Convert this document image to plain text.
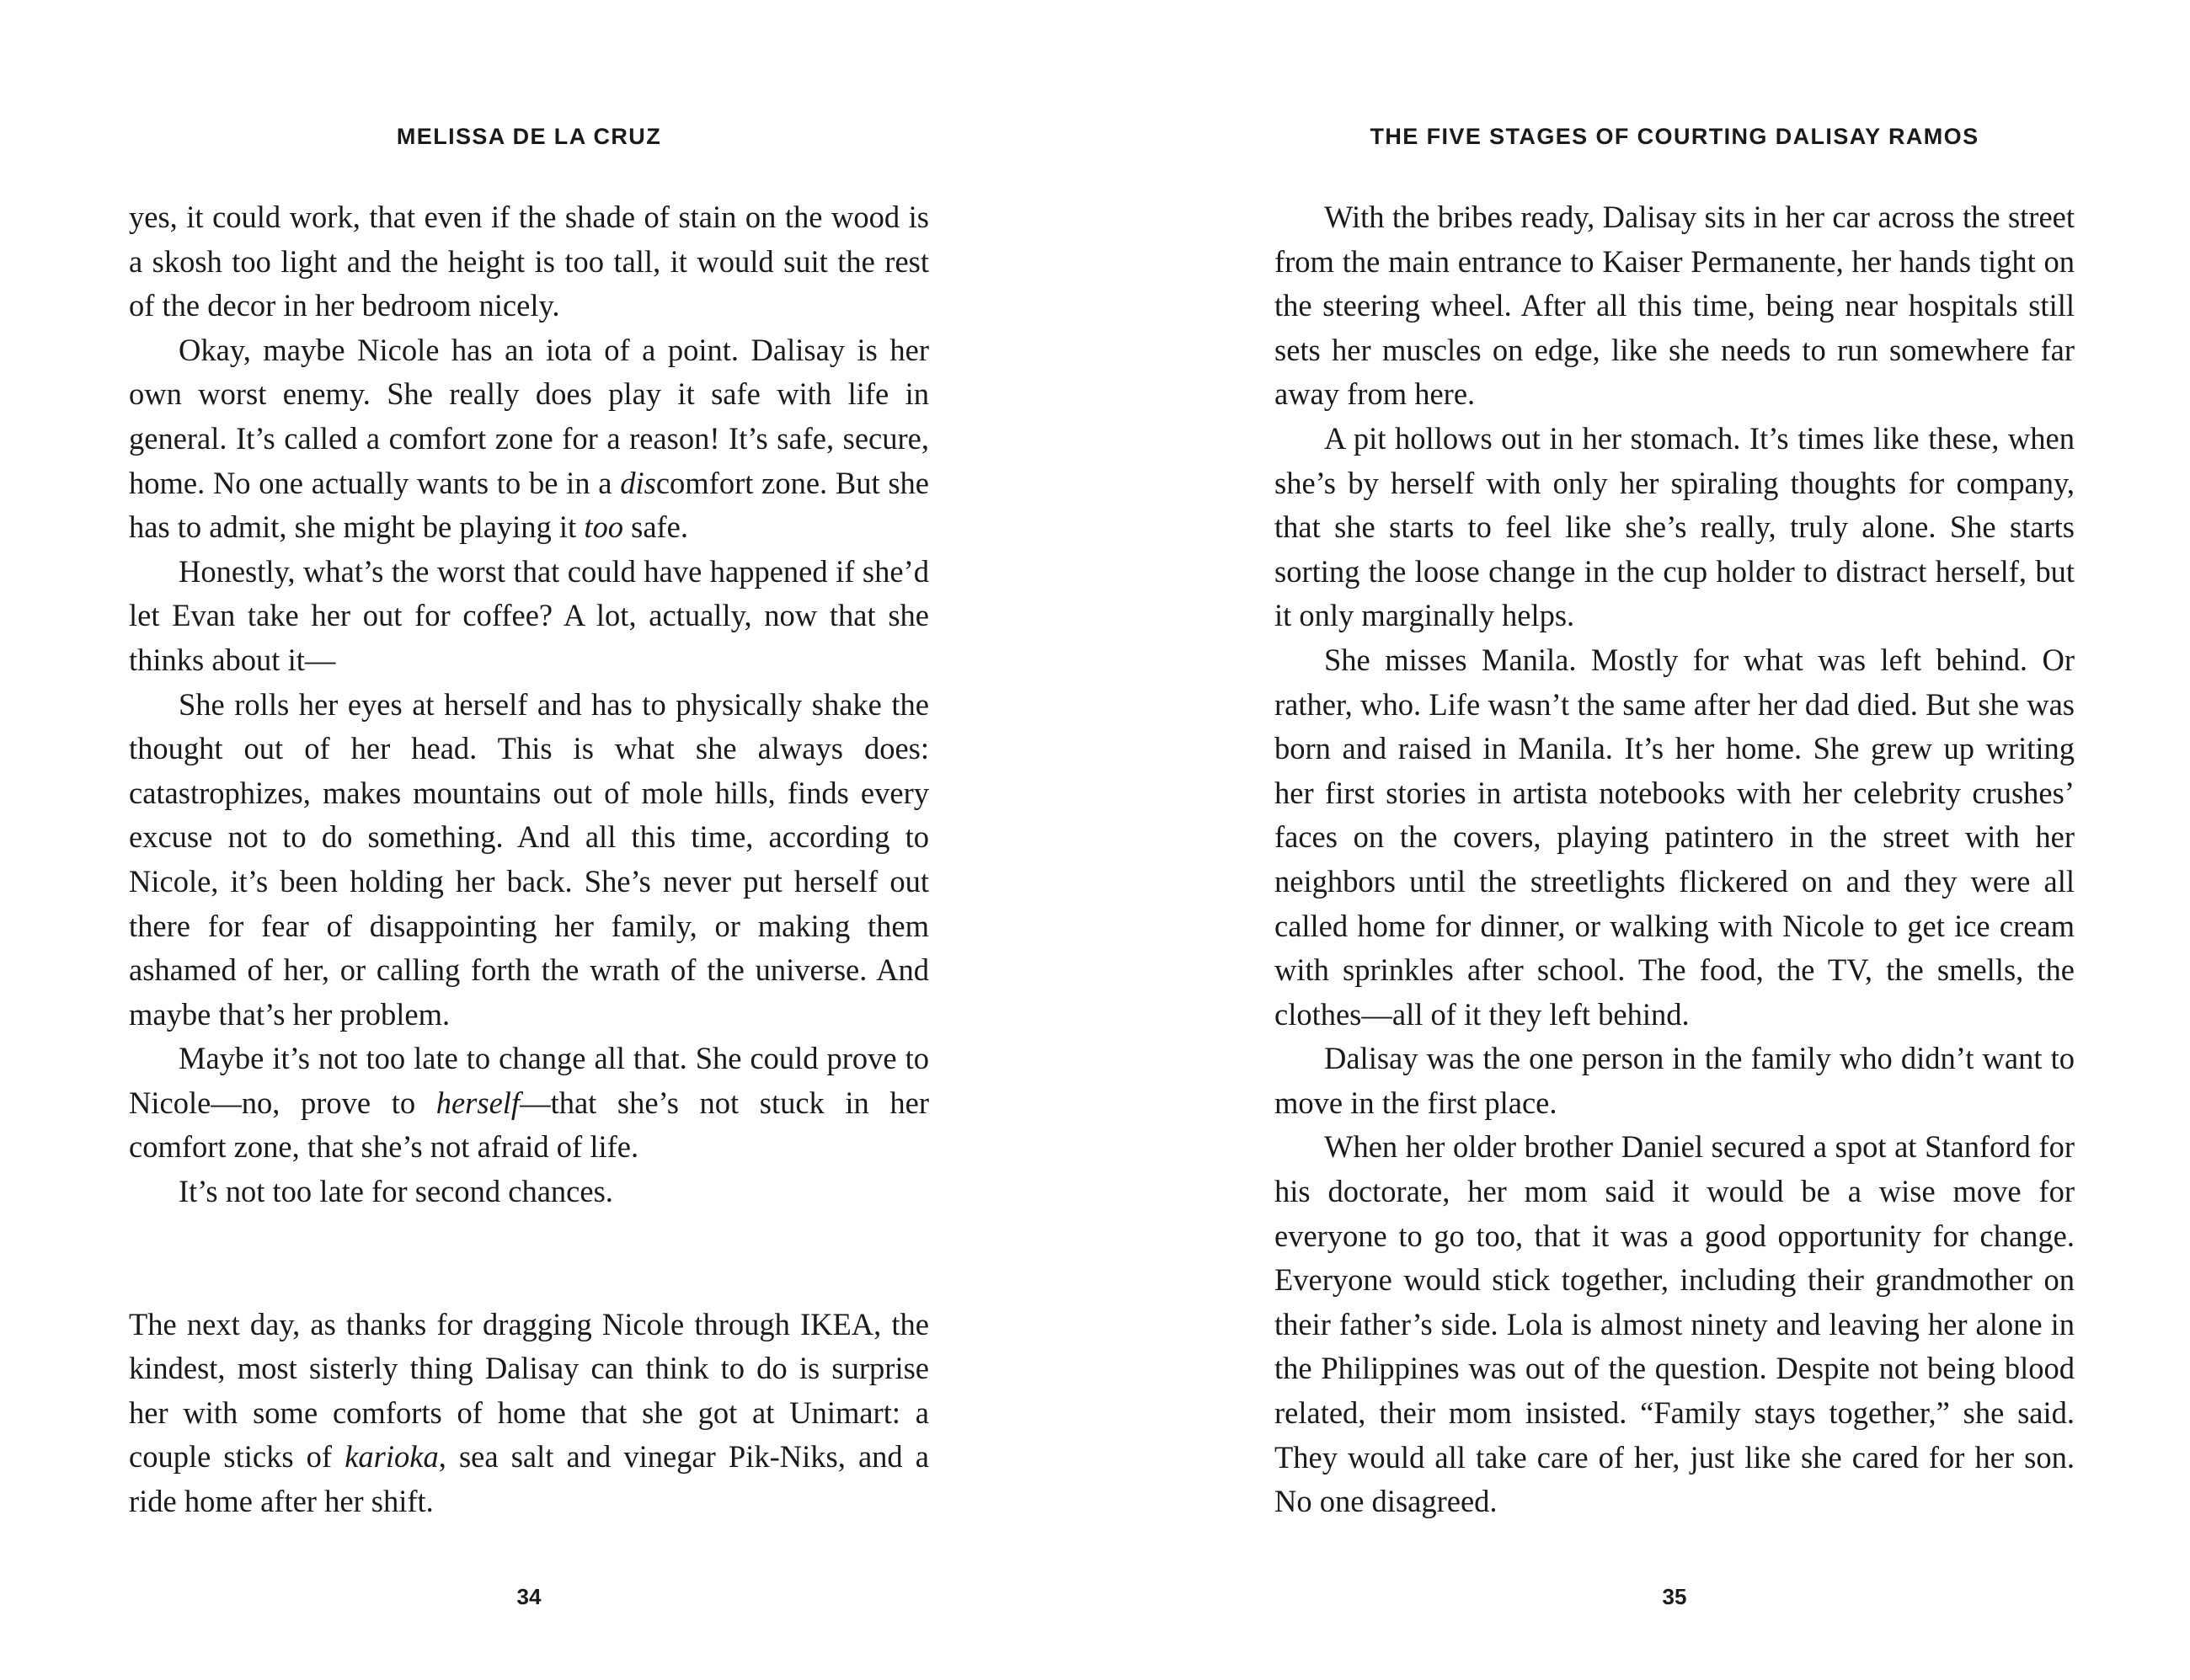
MELISSA DE LA CRUZ

yes, it could work, that even if the shade of stain on the wood is a skosh too light and the height is too tall, it would suit the rest of the decor in her bedroom nicely.

Okay, maybe Nicole has an iota of a point. Dalisay is her own worst enemy. She really does play it safe with life in general. It’s called a comfort zone for a reason! It’s safe, secure, home. No one actually wants to be in a discomfort zone. But she has to admit, she might be playing it too safe.

Honestly, what’s the worst that could have happened if she’d let Evan take her out for coffee? A lot, actually, now that she thinks about it—

She rolls her eyes at herself and has to physically shake the thought out of her head. This is what she always does: catastrophizes, makes mountains out of mole hills, finds every excuse not to do something. And all this time, according to Nicole, it’s been holding her back. She’s never put herself out there for fear of disappointing her family, or making them ashamed of her, or calling forth the wrath of the universe. And maybe that’s her problem.

Maybe it’s not too late to change all that. She could prove to Nicole—no, prove to herself—that she’s not stuck in her comfort zone, that she’s not afraid of life.

It’s not too late for second chances.

The next day, as thanks for dragging Nicole through IKEA, the kindest, most sisterly thing Dalisay can think to do is surprise her with some comforts of home that she got at Unimart: a couple sticks of karioka, sea salt and vinegar Pik-Niks, and a ride home after her shift.

34
THE FIVE STAGES OF COURTING DALISAY RAMOS

With the bribes ready, Dalisay sits in her car across the street from the main entrance to Kaiser Permanente, her hands tight on the steering wheel. After all this time, being near hospitals still sets her muscles on edge, like she needs to run somewhere far away from here.

A pit hollows out in her stomach. It’s times like these, when she’s by herself with only her spiraling thoughts for company, that she starts to feel like she’s really, truly alone. She starts sorting the loose change in the cup holder to distract herself, but it only marginally helps.

She misses Manila. Mostly for what was left behind. Or rather, who. Life wasn’t the same after her dad died. But she was born and raised in Manila. It’s her home. She grew up writing her first stories in artista notebooks with her celebrity crushes’ faces on the covers, playing patintero in the street with her neighbors until the streetlights flickered on and they were all called home for dinner, or walking with Nicole to get ice cream with sprinkles after school. The food, the TV, the smells, the clothes—all of it they left behind.

Dalisay was the one person in the family who didn’t want to move in the first place.

When her older brother Daniel secured a spot at Stanford for his doctorate, her mom said it would be a wise move for everyone to go too, that it was a good opportunity for change. Everyone would stick together, including their grandmother on their father’s side. Lola is almost ninety and leaving her alone in the Philippines was out of the question. Despite not being blood related, their mom insisted. “Family stays together,” she said. They would all take care of her, just like she cared for her son. No one disagreed.

35
